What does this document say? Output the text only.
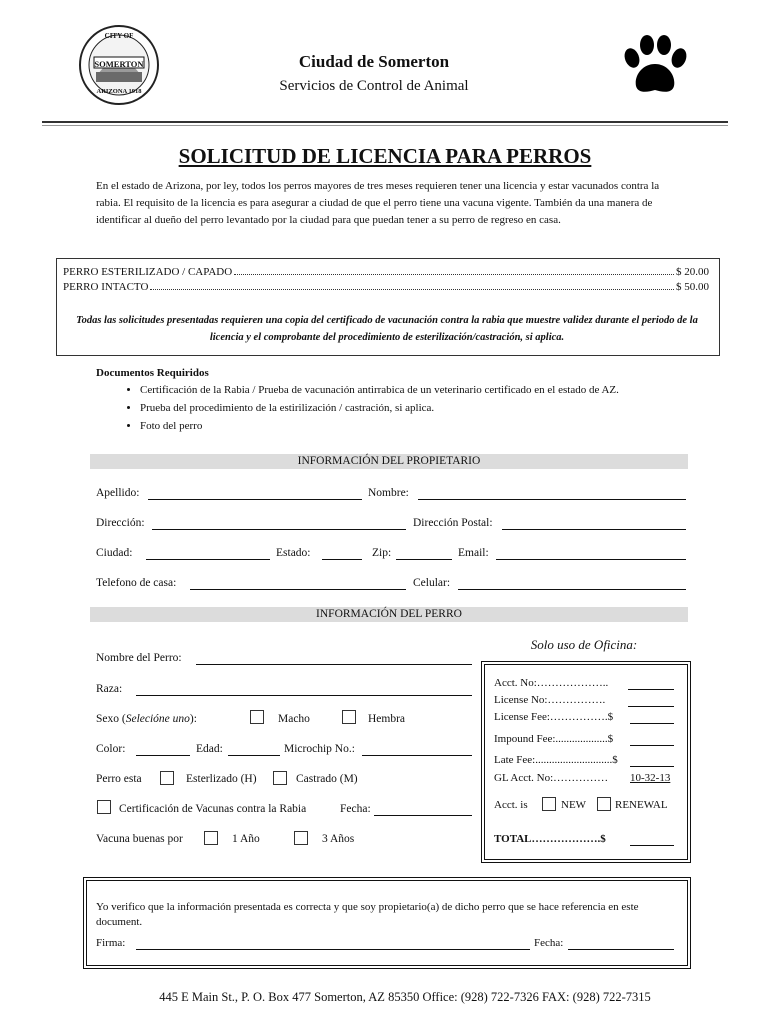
CITY OF
SOMERTON
ARIZONA 1918
Ciudad de Somerton
Servicios de Control de Animal
SOLICITUD DE LICENCIA PARA PERROS
En el estado de Arizona, por ley, todos los perros mayores de tres meses requieren tener una licencia y estar vacunados contra la rabia. El requisito de la licencia es para asegurar a ciudad de que el perro tiene una vacuna vigente. También da una manera de identificar al dueño del perro levantado por la ciudad para que puedan tener a su perro de regreso en casa.
PERRO ESTERILIZADO / CAPADO	$ 20.00
PERRO INTACTO	$ 50.00
Todas las solicitudes presentadas requieren una copia del certificado de vacunación contra la rabia que muestre validez durante el periodo de la licencia y el comprobante del procedimiento de esterilización/castración, si aplica.
Documentos Requiridos
• Certificación de la Rabia / Prueba de vacunación antirrabica de un veterinario certificado en el estado de AZ.
• Prueba del procedimiento de la estirilización / castración, si aplica.
• Foto del perro
INFORMACIÓN DEL PROPIETARIO
Apellido:	Nombre:
Dirección:	Dirección Postal:
Ciudad:	Estado:	Zip:	Email:
Telefono de casa:	Celular:
INFORMACIÓN DEL PERRO
Nombre del Perro:
Raza:
Sexo (Selecióne uno):	Macho	Hembra
Color:	Edad:	Microchip No.:
Perro esta	Esterlizado (H)	Castrado (M)
Certificación de Vacunas contra la Rabia	Fecha:
Vacuna buenas por	1 Año	3 Años
Solo uso de Oficina:
Acct. No:………………..
License No:…………….
License Fee:…………….$
Impound Fee:...................$
Late Fee:............................$
GL Acct. No:…………… 10-32-13
Acct. is	NEW	RENEWAL
TOTAL……………….$
Yo verifico que la información presentada es correcta y que soy propietario(a) de dicho perro que se hace referencia en este document.
Firma:	Fecha:
445 E Main St., P. O. Box 477 Somerton, AZ 85350 Office: (928) 722-7326 FAX: (928) 722-7315
